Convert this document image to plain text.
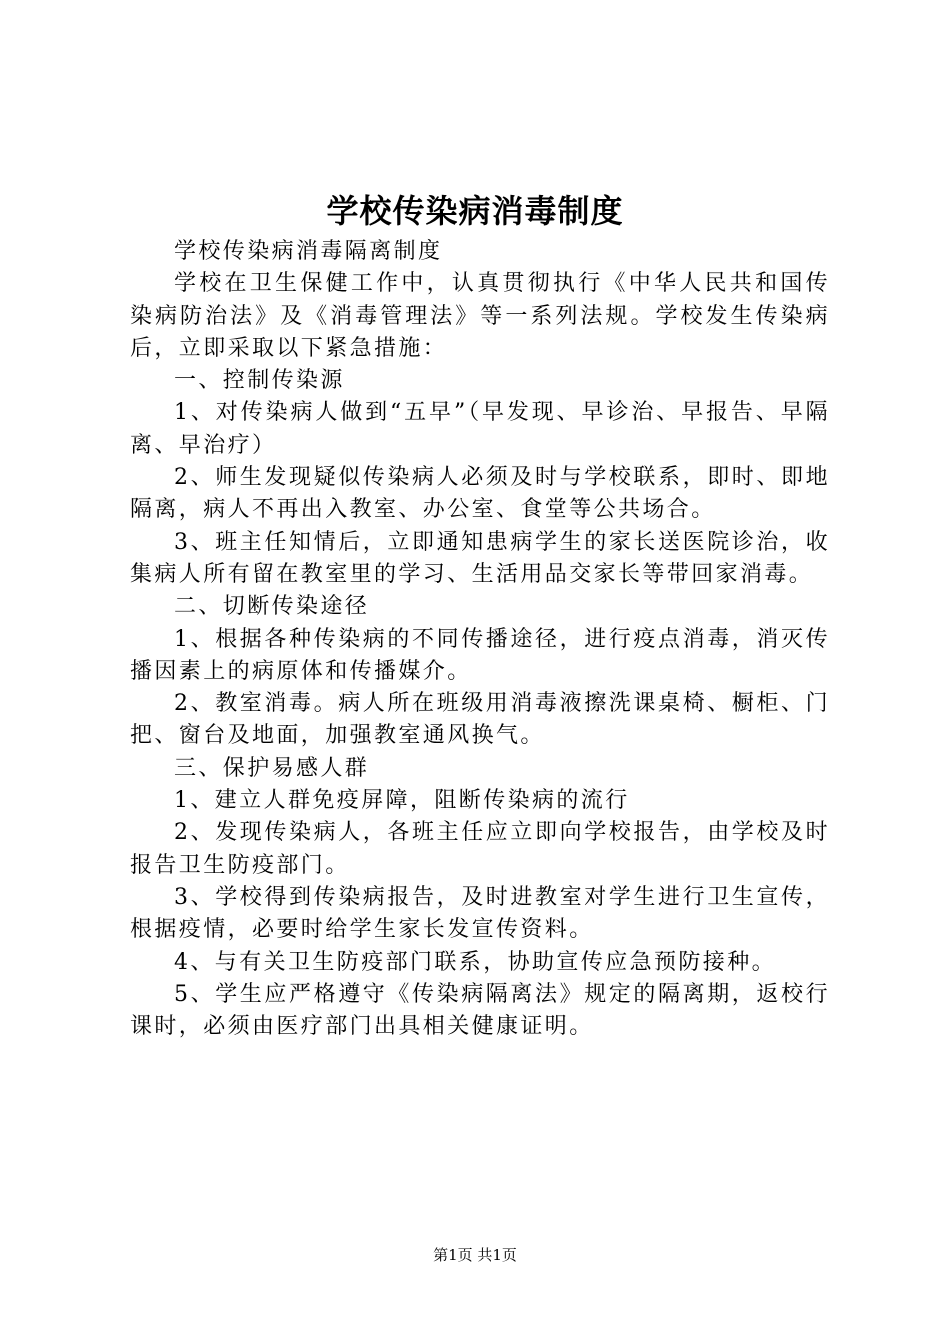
学校传染病消毒制度

学校传染病消毒隔离制度

学校在卫生保健工作中，认真贯彻执行《中华人民共和国传染病防治法》及《消毒管理法》等一系列法规。学校发生传染病后，立即采取以下紧急措施：

一、控制传染源

1、对传染病人做到“五早”（早发现、早诊治、早报告、早隔离、早治疗）

2、师生发现疑似传染病人必须及时与学校联系，即时、即地隔离，病人不再出入教室、办公室、食堂等公共场合。

3、班主任知情后，立即通知患病学生的家长送医院诊治，收集病人所有留在教室里的学习、生活用品交家长等带回家消毒。

二、切断传染途径

1、根据各种传染病的不同传播途径，进行疫点消毒，消灭传播因素上的病原体和传播媒介。

2、教室消毒。病人所在班级用消毒液擦洗课桌椅、橱柜、门把、窗台及地面，加强教室通风换气。

三、保护易感人群

1、建立人群免疫屏障，阻断传染病的流行

2、发现传染病人，各班主任应立即向学校报告，由学校及时报告卫生防疫部门。

3、学校得到传染病报告，及时进教室对学生进行卫生宣传，根据疫情，必要时给学生家长发宣传资料。

4、与有关卫生防疫部门联系，协助宣传应急预防接种。

5、学生应严格遵守《传染病隔离法》规定的隔离期，返校行课时，必须由医疗部门出具相关健康证明。

第1页 共1页
